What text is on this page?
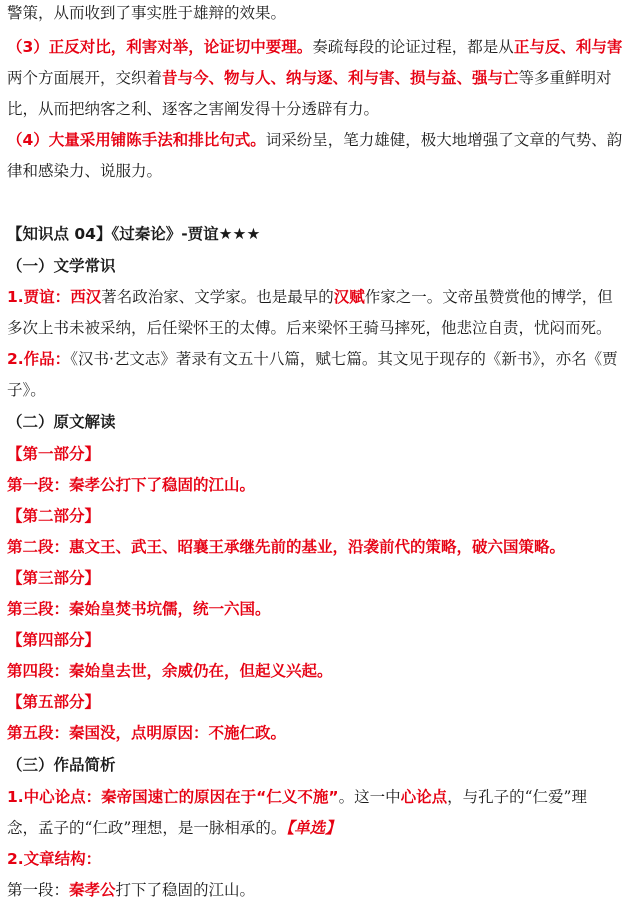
警策，从而收到了事实胜于雄辩的效果。
（3）正反对比，利害对举，论证切中要理。奏疏每段的论证过程，都是从正与反、利与害
两个方面展开，交织着昔与今、物与人、纳与逐、利与害、损与益、强与亡等多重鲜明对
比，从而把纳客之利、逐客之害阐发得十分透辟有力。
（4）大量采用铺陈手法和排比句式。词采纷呈，笔力雄健，极大地增强了文章的气势、韵
律和感染力、说服力。
【知识点 04】《过秦论》-贾谊★★★
（一）文学常识
1.贾谊：西汉著名政治家、文学家。也是最早的汉赋作家之一。文帝虽赞赏他的博学，但
多次上书未被采纳，后任梁怀王的太傅。后来梁怀王骑马摔死，他悲泣自责，忧闷而死。
2.作品：《汉书·艺文志》著录有文五十八篇，赋七篇。其文见于现存的《新书》，亦名《贾
子》。
（二）原文解读
【第一部分】
第一段：秦孝公打下了稳固的江山。
【第二部分】
第二段：惠文王、武王、昭襄王承继先前的基业，沿袭前代的策略，破六国策略。
【第三部分】
第三段：秦始皇焚书坑儒，统一六国。
【第四部分】
第四段：秦始皇去世，余威仍在，但起义兴起。
【第五部分】
第五段：秦国没，点明原因：不施仁政。
（三）作品简析
1.中心论点：秦帝国速亡的原因在于“仁义不施”。这一中心论点，与孔子的“仁爱”理
念，孟子的“仁政”理想，是一脉相承的。【单选】
2.文章结构：
第一段：秦孝公打下了稳固的江山。
